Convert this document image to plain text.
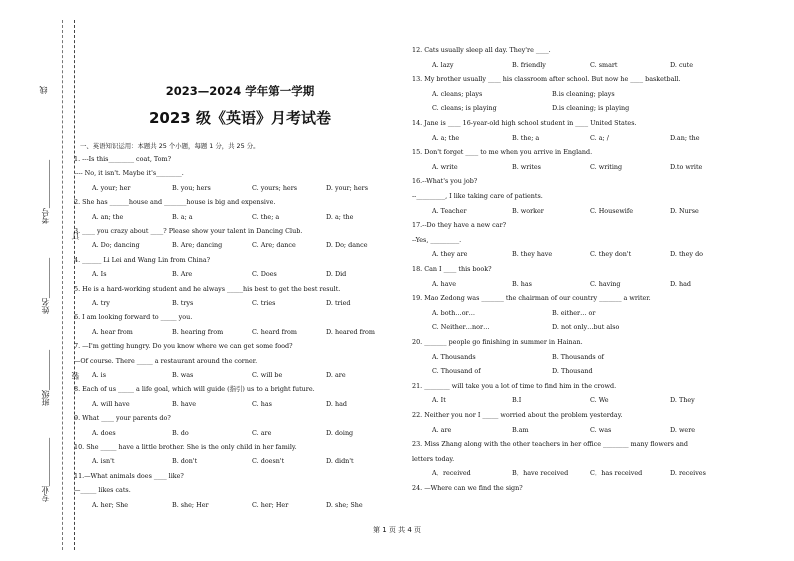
线
订
装
考号____________
姓名__________
班级__________
专业____________
2023—2024 学年第一学期
2023 级《英语》月考试卷
一、英语知识运用：本题共 25 个小题，每题 1 分，共 25 分。
1. ---Is this________ coat, Tom?
---- No, it isn't. Maybe it's________.
A. your; her	B. you; hers	C. yours; hers	D. your; hers
2. She has ______house and _______house is big and expensive.
A. an; the	B. a; a	C. the; a	D. a; the
3. ____ you crazy about ____? Please show your talent in Dancing Club.
A. Do; dancing	B. Are; dancing	C. Are; dance	D. Do; dance
4. ______ Li Lei and Wang Lin from China?
A. Is	B. Are	C. Does	D. Did
5. He is a hard-working student and he always _____his best to get the best result.
A. try	B. trys	C. tries	D. tried
6. I am looking forward to _____ you.
A. hear from	B. hearing from	C. heard from	D. heared from
7. —I'm getting hungry. Do you know where we can get some food?
—Of course. There _____ a restaurant around the corner.
A. is	B. was	C. will be	D. are
8. Each of us _____ a life goal, which will guide (指引) us to a bright future.
A. will have	B. have	C. has	D. had
9. What ____ your parents do?
A. does	B. do	C. are	D. doing
10. She _____ have a little brother. She is the only child in her family.
A. isn't	B. don't	C. doesn't	D. didn't
11.—What animals does ____ like?
—_____ likes cats.
A. her; She	B. she; Her	C. her; Her	D. she; She
12. Cats usually sleep all day. They're ____.
A. lazy	B. friendly	C. smart	D. cute
13. My brother usually ____ his classroom after school. But now he ____ basketball.
A. cleans; plays	B.is cleaning; plays
C. cleans; is playing	D.is cleaning; is playing
14. Jane is ____ 16-year-old high school student in ____ United States.
A. a; the	B. the; a	C. a; /	D.an; the
15. Don't forget ____ to me when you arrive in England.
A. write	B. writes	C. writing	D.to write
16.--What's you job?
--_________, I like taking care of patients.
A. Teacher	B. worker	C. Housewife	D. Nurse
17.--Do they have a new car?
--Yes, _________.
A. they are	B. they have	C. they don't	D. they do
18. Can I ____ this book?
A. have	B. has	C. having	D. had
19. Mao Zedong was _______ the chairman of our country _______ a writer.
A. both…or…	B. either… or
C. Neither…nor…	D. not only…but also
20. _______ people go finishing in summer in Hainan.
A. Thousands	B. Thousands of
C. Thousand of	D. Thousand
21. ________ will take you a lot of time to find him in the crowd.
A. It	B.I	C. We	D. They
22. Neither you nor I _____ worried about the problem yesterday.
A. are	B.am	C. was	D. were
23. Miss Zhang along with the other teachers in her office ________ many flowers and
letters today.
A．received	B．have received	C．has received	D. receives
24. —Where can we find the sign?
第 1 页 共 4 页
